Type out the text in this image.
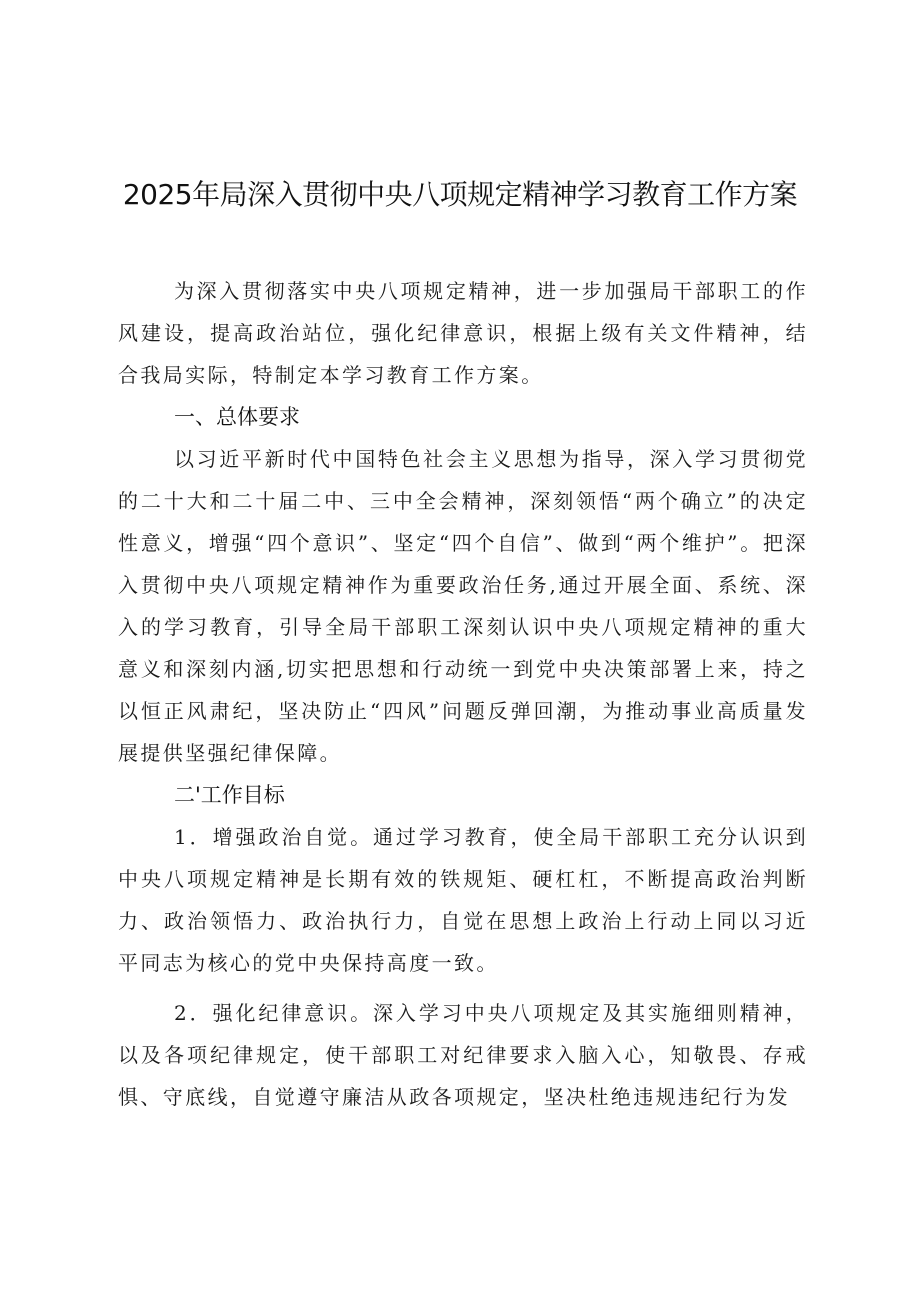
2025年局深入贯彻中央八项规定精神学习教育工作方案

为深入贯彻落实中央八项规定精神，进一步加强局干部职工的作风建设，提高政治站位，强化纪律意识，根据上级有关文件精神，结合我局实际，特制定本学习教育工作方案。

一、总体要求

以习近平新时代中国特色社会主义思想为指导，深入学习贯彻党的二十大和二十届二中、三中全会精神，深刻领悟“两个确立”的决定性意义，增强“四个意识”、坚定“四个自信”、做到“两个维护”。把深入贯彻中央八项规定精神作为重要政治任务,通过开展全面、系统、深入的学习教育，引导全局干部职工深刻认识中央八项规定精神的重大意义和深刻内涵,切实把思想和行动统一到党中央决策部署上来，持之以恒正风肃纪，坚决防止“四风”问题反弹回潮，为推动事业高质量发展提供坚强纪律保障。

二'工作目标

1．增强政治自觉。通过学习教育，使全局干部职工充分认识到中央八项规定精神是长期有效的铁规矩、硬杠杠，不断提高政治判断力、政治领悟力、政治执行力，自觉在思想上政治上行动上同以习近平同志为核心的党中央保持高度一致。

2．强化纪律意识。深入学习中央八项规定及其实施细则精神，以及各项纪律规定，使干部职工对纪律要求入脑入心，知敬畏、存戒惧、守底线，自觉遵守廉洁从政各项规定，坚决杜绝违规违纪行为发
